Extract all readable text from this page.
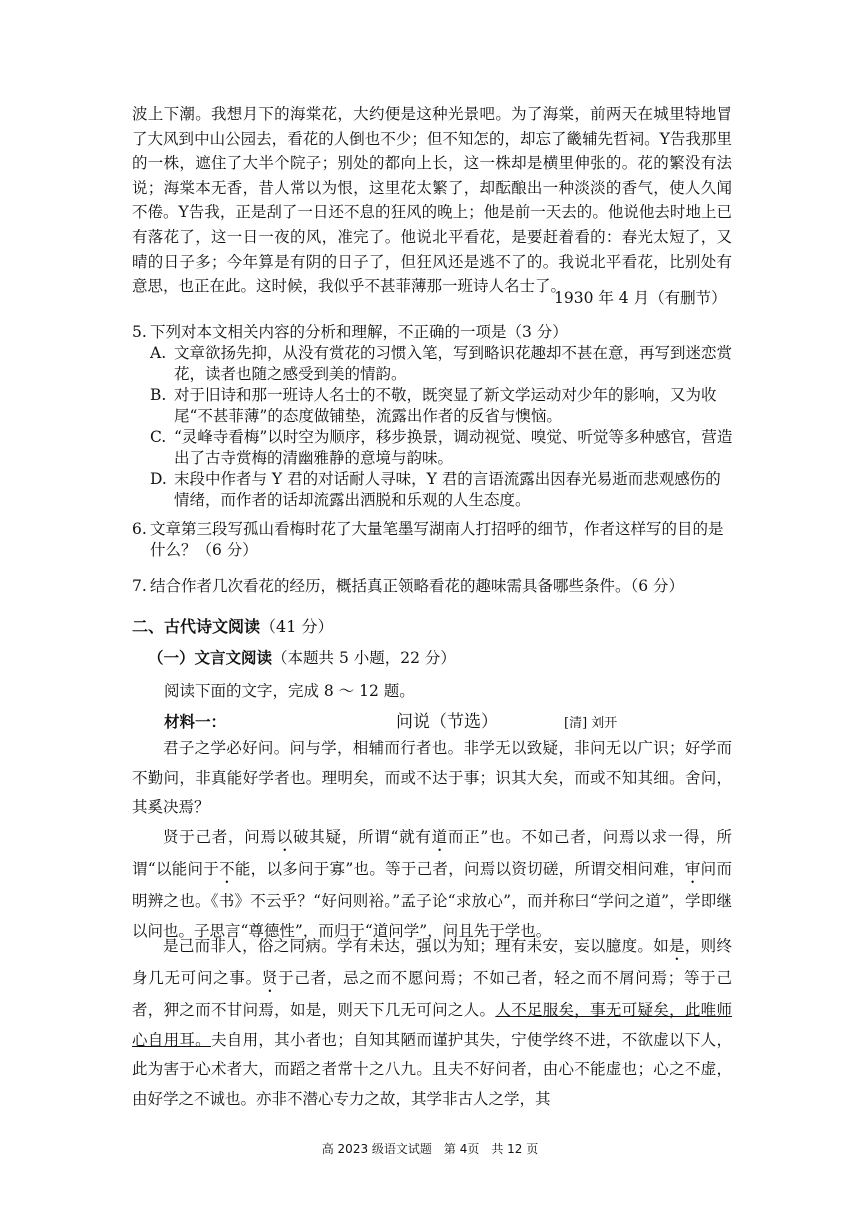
波上下潮。我想月下的海棠花，大约便是这种光景吧。为了海棠，前两天在城里特地冒了大风到中山公园去，看花的人倒也不少；但不知怎的，却忘了畿辅先哲祠。Y告我那里的一株，遮住了大半个院子；别处的都向上长，这一株却是横里伸张的。花的繁没有法说；海棠本无香，昔人常以为恨，这里花太繁了，却酝酿出一种淡淡的香气，使人久闻不倦。Y告我，正是刮了一日还不息的狂风的晚上；他是前一天去的。他说他去时地上已有落花了，这一日一夜的风，准完了。他说北平看花，是要赶着看的：春光太短了，又晴的日子多；今年算是有阴的日子了，但狂风还是逃不了的。我说北平看花，比别处有意思，也正在此。这时候，我似乎不甚菲薄那一班诗人名士了。
1930 年 4 月（有删节）
5. 下列对本文相关内容的分析和理解，不正确的一项是（3 分）
A. 文章欲扬先抑，从没有赏花的习惯入笔，写到略识花趣却不甚在意，再写到迷恋赏花，读者也随之感受到美的情韵。
B. 对于旧诗和那一班诗人名士的不敬，既突显了新文学运动对少年的影响，又为收尾“不甚菲薄”的态度做铺垫，流露出作者的反省与懊恼。
C. “灵峰寺看梅”以时空为顺序，移步换景，调动视觉、嗅觉、听觉等多种感官，营造出了古寺赏梅的清幽雅静的意境与韵味。
D. 末段中作者与 Y 君的对话耐人寻味，Y 君的言语流露出因春光易逝而悲观感伤的情绪，而作者的话却流露出洒脱和乐观的人生态度。
6. 文章第三段写孤山看梅时花了大量笔墨写湖南人打招呼的细节，作者这样写的目的是什么？（6 分）
7. 结合作者几次看花的经历，概括真正领略看花的趣味需具备哪些条件。（6 分）
二、古代诗文阅读（41 分）
（一）文言文阅读（本题共 5 小题，22 分）
阅读下面的文字，完成 8 ～ 12 题。
材料一：	问说（节选）	[清] 刘开
君子之学必好问。问与学，相辅而行者也。非学无以致疑，非问无以广识；好学而不勤问，非真能好学者也。理明矣，而或不达于事；识其大矣，而或不知其细。舍问，其奚决焉？
贤于己者，问焉以破其疑，所谓“就有道而正”也。不如己者，问焉以求一得，所谓“以能问于不能，以多问于寡”也。等于己者，问焉以资切磋，所谓交相问难，审问而明辨之也。《书》不云乎？“好问则裕。”孟子论“求放心”，而并称曰“学问之道”，学即继以问也。子思言“尊德性”，而归于“道问学”，问且先于学也。
是己而非人，俗之同病。学有未达，强以为知；理有未安，妄以臆度。如是，则终身几无可问之事。贤于己者，忌之而不愿问焉；不如己者，轻之而不屑问焉；等于己者，狎之而不甘问焉，如是，则天下几无可问之人。人不足服矣，事无可疑矣，此唯师心自用耳。夫自用，其小者也；自知其陋而谨护其失，宁使学终不进，不欲虚以下人，此为害于心术者大，而蹈之者常十之八九。且夫不好问者，由心不能虚也；心之不虚，由好学之不诚也。亦非不潜心专力之故，其学非古人之学，其
高 2023 级语文试题　第 4页　共 12 页
